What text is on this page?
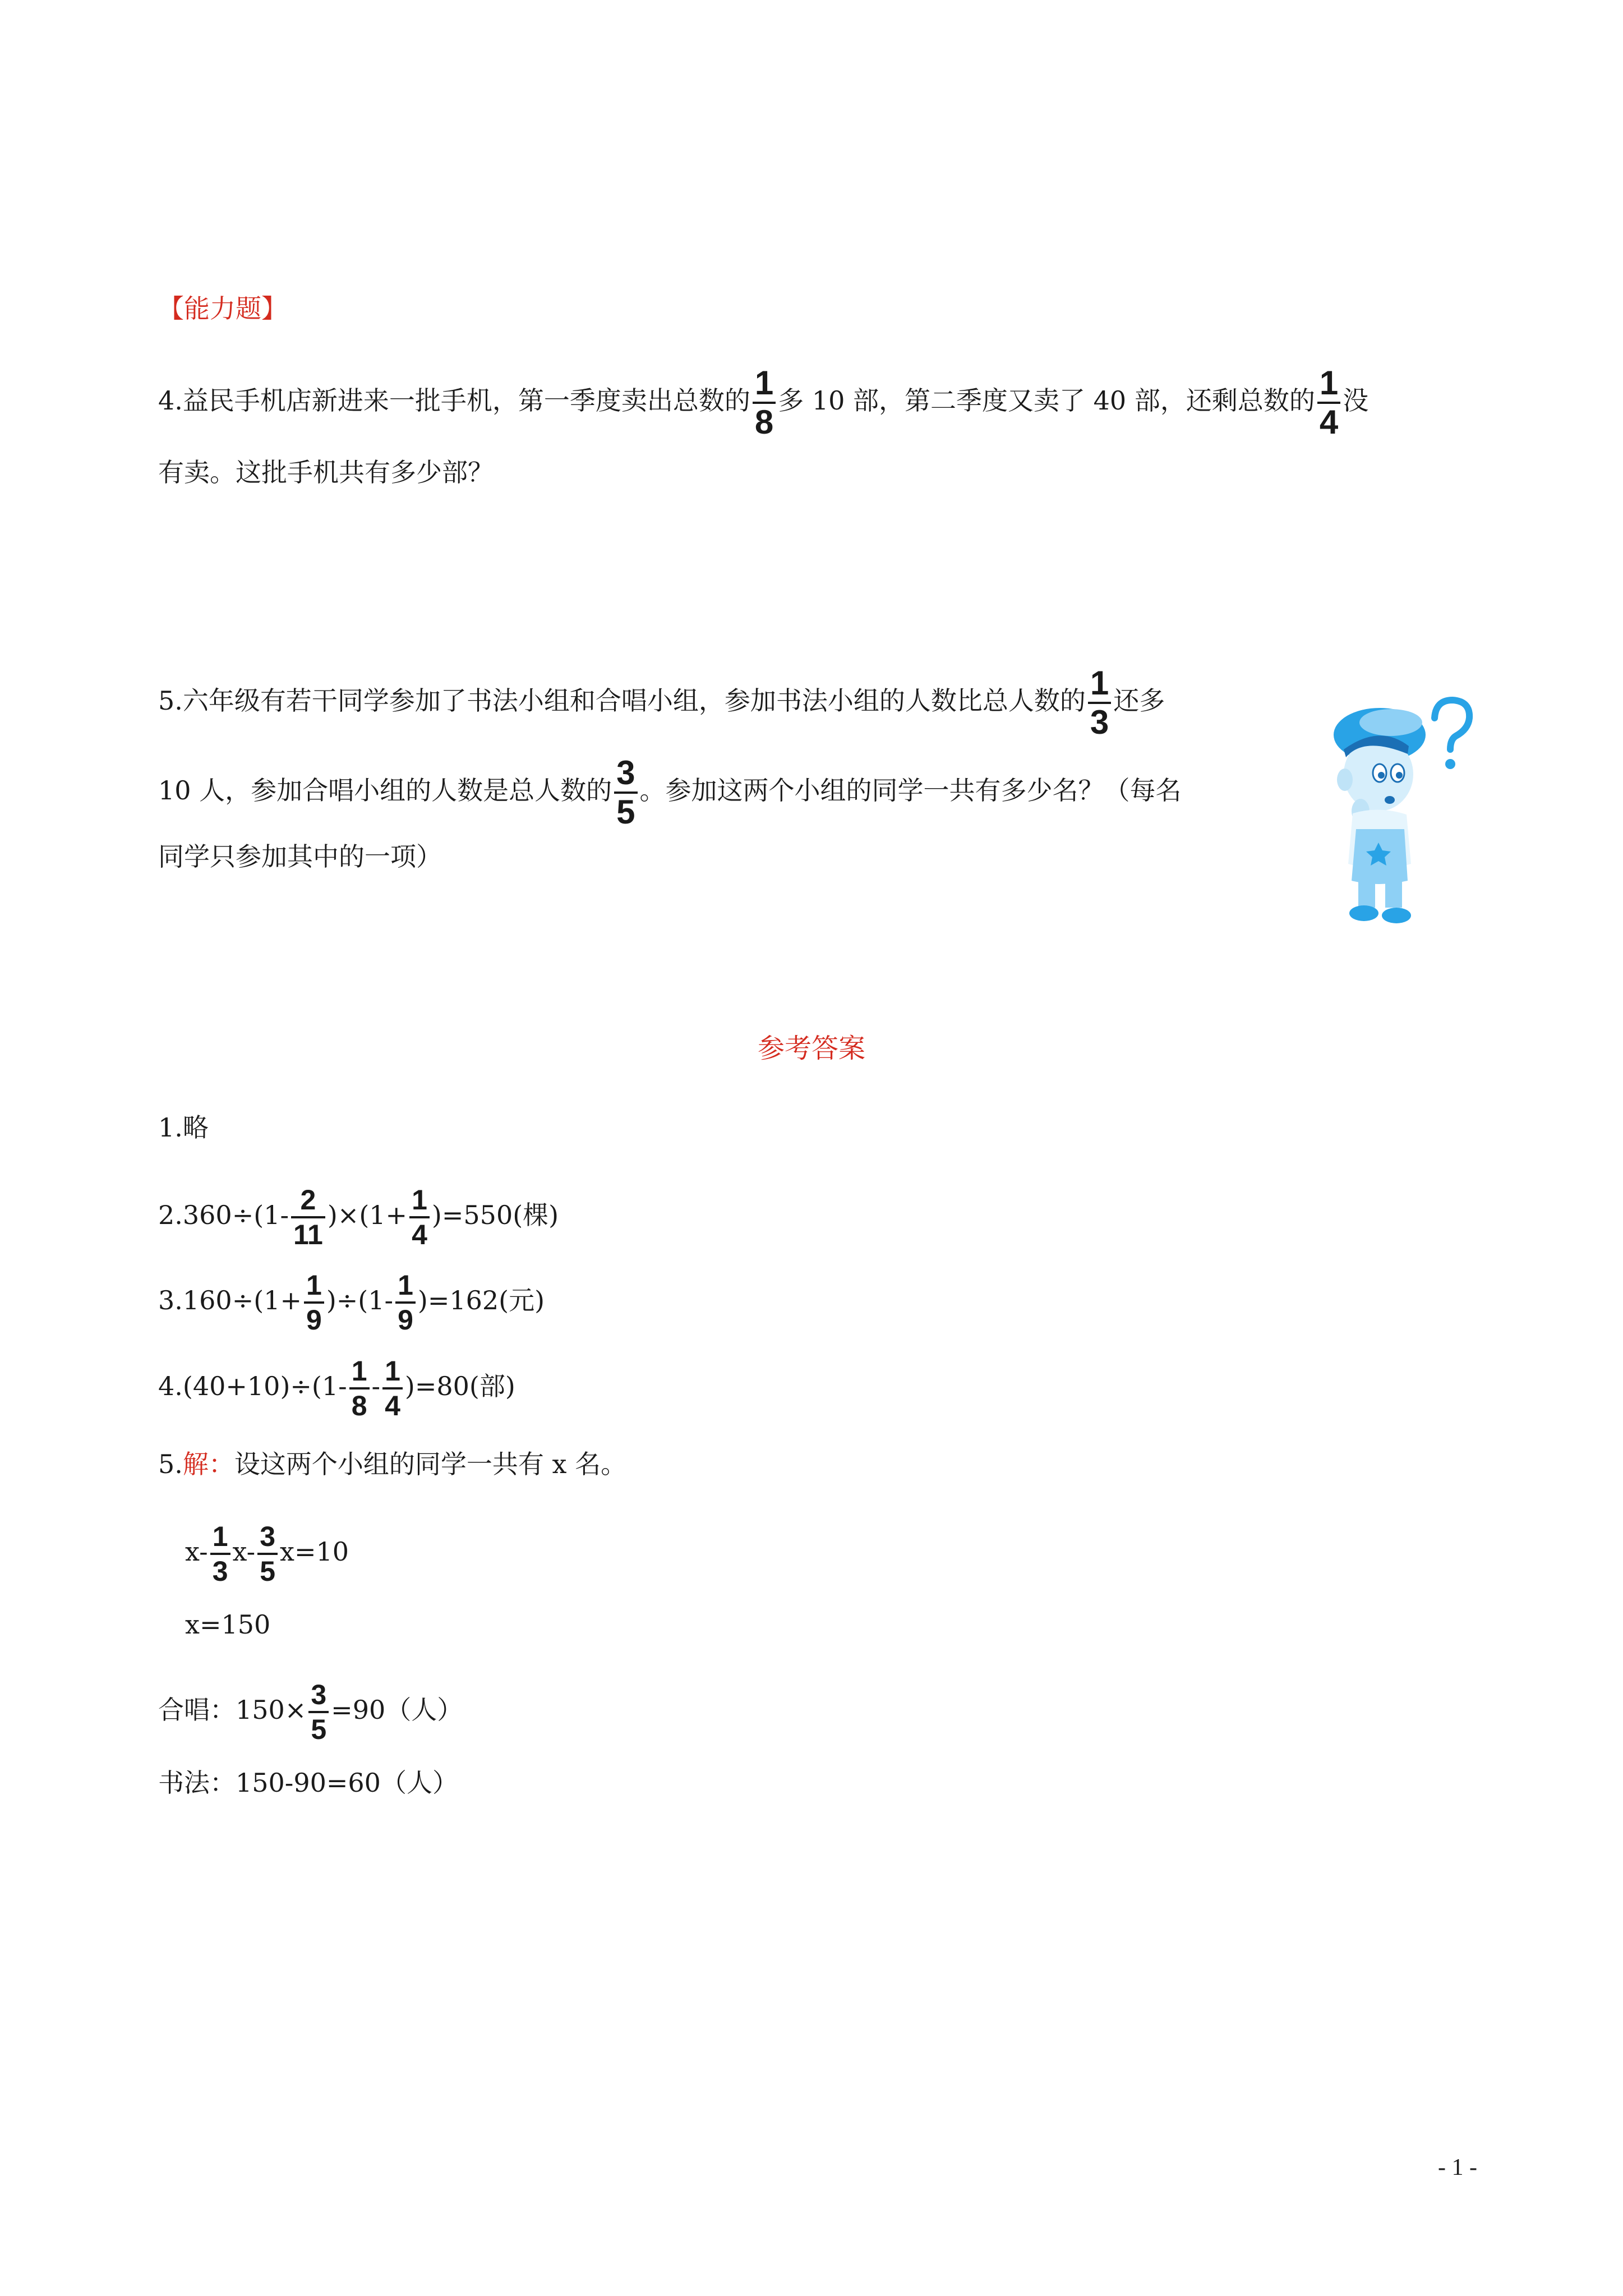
【能力题】
4.益民手机店新进来一批手机，第一季度卖出总数的 $\frac{1}{8}$ 多 10 部，第二季度又卖了 40 部，还剩总数的 $\frac{1}{4}$ 没
有卖。这批手机共有多少部？
5.六年级有若干同学参加了书法小组和合唱小组，参加书法小组的人数比总人数的 $\frac{1}{3}$ 还多
10 人，参加合唱小组的人数是总人数的 $\frac{3}{5}$ 。参加这两个小组的同学一共有多少名？（每名
同学只参加其中的一项）
参考答案
1.略
$2.360\div(1- \frac{2}{11} )\times(1+ \frac{1}{4} )=550$(棵)
$3.160\div(1+ \frac{1}{9} )\div(1- \frac{1}{9} )=162$(元)
$4.(40+10)\div(1- \frac{1}{8} - \frac{1}{4} )=80$(部)
5.解：设这两个小组的同学一共有 x 名。
$x- \frac{1}{3} x- \frac{3}{5} x=10$
x=150
合唱：$150\times \frac{3}{5} =90$（人）
书法：150-90=60（人）
- 1 -
